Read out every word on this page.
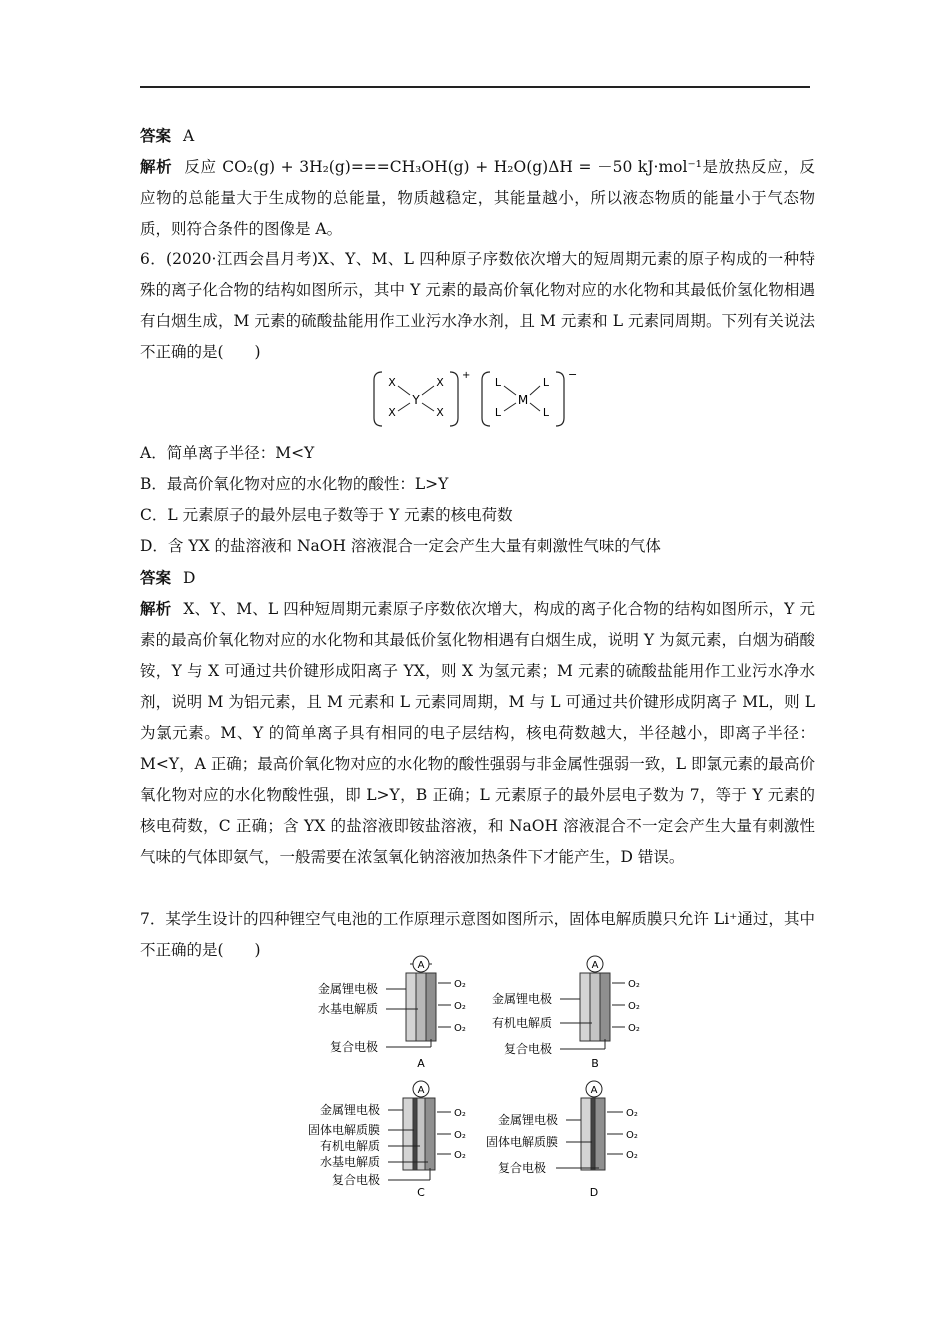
答案 A
解析 反应 CO₂(g) + 3H₂(g)===CH₃OH(g) + H₂O(g)ΔH = －50 kJ·mol⁻¹是放热反应，反应物的总能量大于生成物的总能量，物质越稳定，其能量越小，所以液态物质的能量小于气态物质，则符合条件的图像是 A。
6．(2020·江西会昌月考)X、Y、M、L 四种原子序数依次增大的短周期元素的原子构成的一种特殊的离子化合物的结构如图所示，其中 Y 元素的最高价氧化物对应的水化物和其最低价氢化物相遇有白烟生成，M 元素的硫酸盐能用作工业污水净水剂，且 M 元素和 L 元素同周期。下列有关说法不正确的是(　　)
Y
X	X
X	X
+
M
L	L
L	L
−
A．简单离子半径：M<Y
B．最高价氧化物对应的水化物的酸性：L>Y
C．L 元素原子的最外层电子数等于 Y 元素的核电荷数
D．含 YX 的盐溶液和 NaOH 溶液混合一定会产生大量有刺激性气味的气体
答案 D
解析 X、Y、M、L 四种短周期元素原子序数依次增大，构成的离子化合物的结构如图所示，Y 元素的最高价氧化物对应的水化物和其最低价氢化物相遇有白烟生成，说明 Y 为氮元素，白烟为硝酸铵，Y 与 X 可通过共价键形成阳离子 YX，则 X 为氢元素；M 元素的硫酸盐能用作工业污水净水剂，说明 M 为铝元素，且 M 元素和 L 元素同周期，M 与 L 可通过共价键形成阴离子 ML，则 L 为氯元素。M、Y 的简单离子具有相同的电子层结构，核电荷数越大，半径越小，即离子半径：M<Y，A 正确；最高价氧化物对应的水化物的酸性强弱与非金属性强弱一致，L 即氯元素的最高价氧化物对应的水化物酸性强，即 L>Y，B 正确；L 元素原子的最外层电子数为 7，等于 Y 元素的核电荷数，C 正确；含 YX 的盐溶液即铵盐溶液，和 NaOH 溶液混合不一定会产生大量有刺激性气味的气体即氨气，一般需要在浓氢氧化钠溶液加热条件下才能产生，D 错误。
7．某学生设计的四种锂空气电池的工作原理示意图如图所示，固体电解质膜只允许 Li⁺通过，其中不正确的是(　　)
A
金属锂电极
水基电解质
复合电极
O₂
O₂
O₂
A
A
金属锂电极
有机电解质
复合电极
O₂
O₂
O₂
B
A
金属锂电极
固体电解质膜
有机电解质
水基电解质
复合电极
O₂
O₂
O₂
C
A
金属锂电极
固体电解质膜
复合电极
O₂
O₂
O₂
D
